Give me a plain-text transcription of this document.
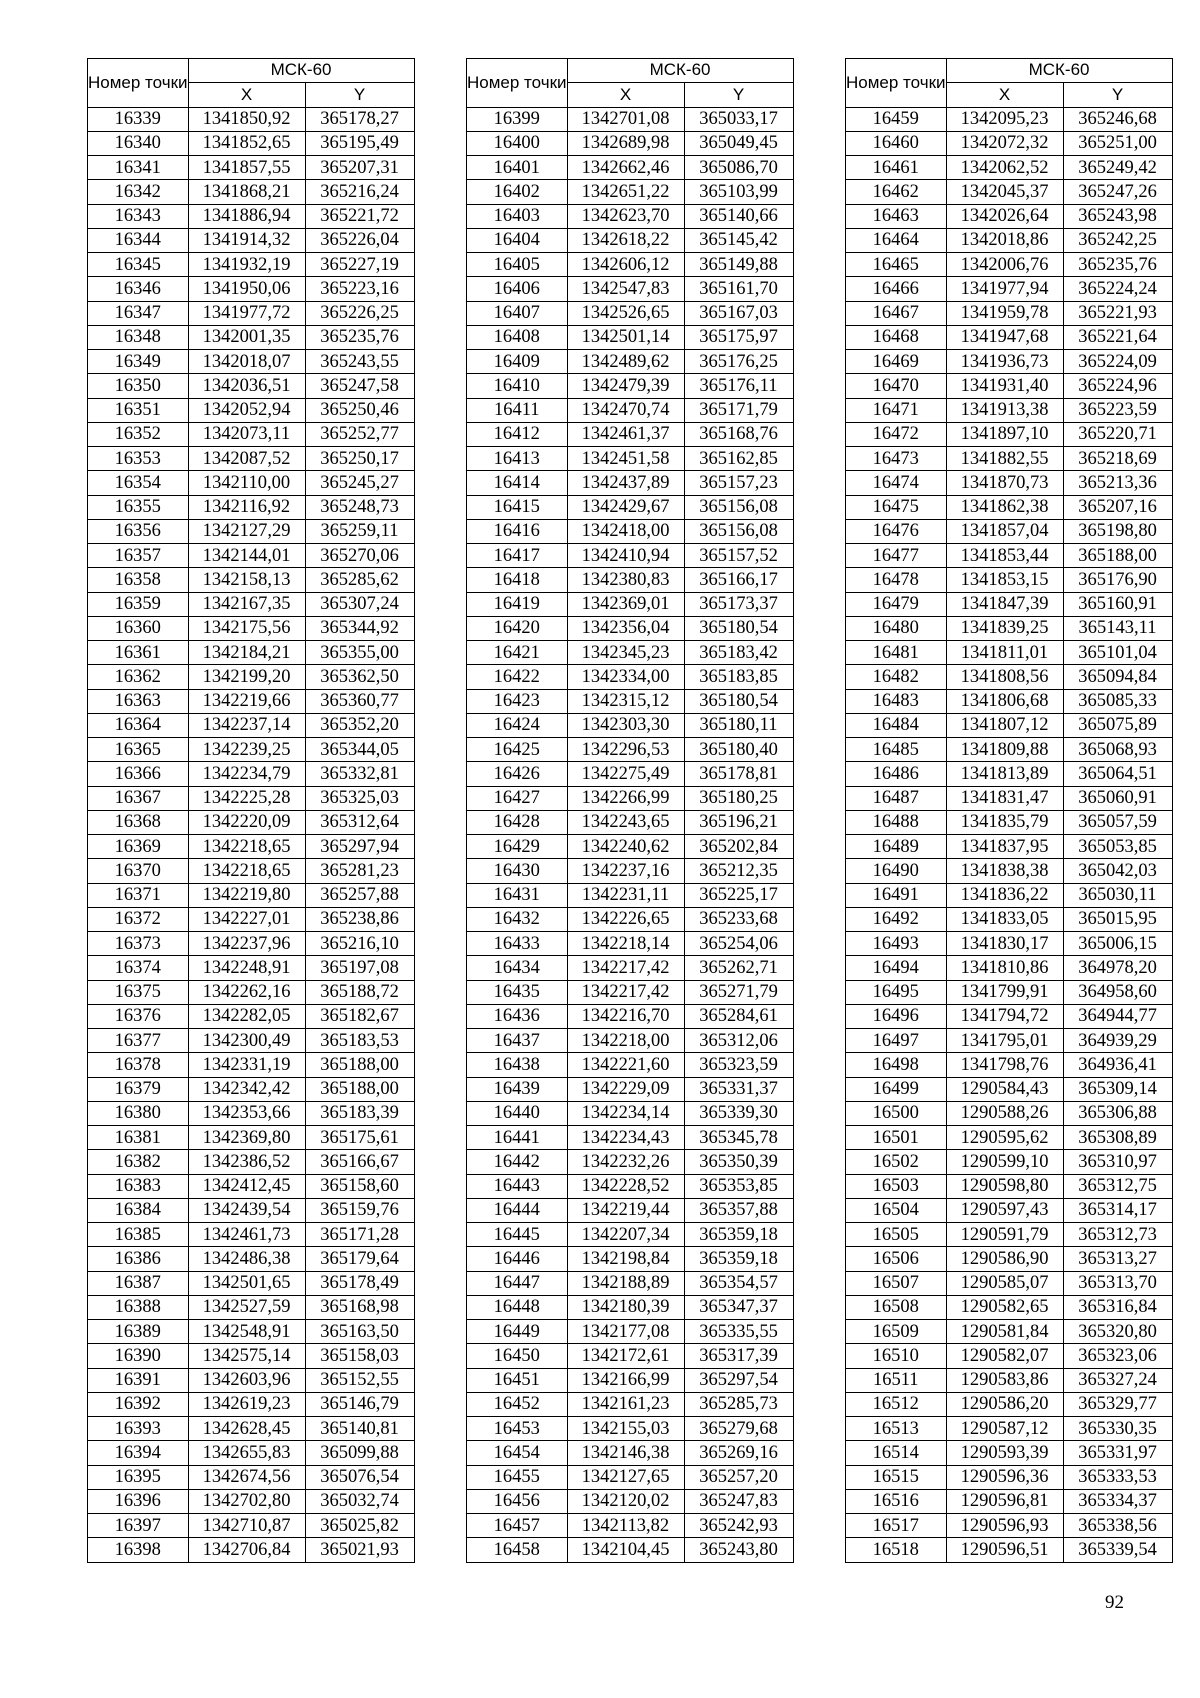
Номер точки	МСК-60	
	X	Y
16339	1341850,92	365178,27
16340	1341852,65	365195,49
16341	1341857,55	365207,31
16342	1341868,21	365216,24
16343	1341886,94	365221,72
16344	1341914,32	365226,04
16345	1341932,19	365227,19
16346	1341950,06	365223,16
16347	1341977,72	365226,25
16348	1342001,35	365235,76
16349	1342018,07	365243,55
16350	1342036,51	365247,58
16351	1342052,94	365250,46
16352	1342073,11	365252,77
16353	1342087,52	365250,17
16354	1342110,00	365245,27
16355	1342116,92	365248,73
16356	1342127,29	365259,11
16357	1342144,01	365270,06
16358	1342158,13	365285,62
16359	1342167,35	365307,24
16360	1342175,56	365344,92
16361	1342184,21	365355,00
16362	1342199,20	365362,50
16363	1342219,66	365360,77
16364	1342237,14	365352,20
16365	1342239,25	365344,05
16366	1342234,79	365332,81
16367	1342225,28	365325,03
16368	1342220,09	365312,64
16369	1342218,65	365297,94
16370	1342218,65	365281,23
16371	1342219,80	365257,88
16372	1342227,01	365238,86
16373	1342237,96	365216,10
16374	1342248,91	365197,08
16375	1342262,16	365188,72
16376	1342282,05	365182,67
16377	1342300,49	365183,53
16378	1342331,19	365188,00
16379	1342342,42	365188,00
16380	1342353,66	365183,39
16381	1342369,80	365175,61
16382	1342386,52	365166,67
16383	1342412,45	365158,60
16384	1342439,54	365159,76
16385	1342461,73	365171,28
16386	1342486,38	365179,64
16387	1342501,65	365178,49
16388	1342527,59	365168,98
16389	1342548,91	365163,50
16390	1342575,14	365158,03
16391	1342603,96	365152,55
16392	1342619,23	365146,79
16393	1342628,45	365140,81
16394	1342655,83	365099,88
16395	1342674,56	365076,54
16396	1342702,80	365032,74
16397	1342710,87	365025,82
16398	1342706,84	365021,93
Номер точки	МСК-60	
	X	Y
16399	1342701,08	365033,17
16400	1342689,98	365049,45
16401	1342662,46	365086,70
16402	1342651,22	365103,99
16403	1342623,70	365140,66
16404	1342618,22	365145,42
16405	1342606,12	365149,88
16406	1342547,83	365161,70
16407	1342526,65	365167,03
16408	1342501,14	365175,97
16409	1342489,62	365176,25
16410	1342479,39	365176,11
16411	1342470,74	365171,79
16412	1342461,37	365168,76
16413	1342451,58	365162,85
16414	1342437,89	365157,23
16415	1342429,67	365156,08
16416	1342418,00	365156,08
16417	1342410,94	365157,52
16418	1342380,83	365166,17
16419	1342369,01	365173,37
16420	1342356,04	365180,54
16421	1342345,23	365183,42
16422	1342334,00	365183,85
16423	1342315,12	365180,54
16424	1342303,30	365180,11
16425	1342296,53	365180,40
16426	1342275,49	365178,81
16427	1342266,99	365180,25
16428	1342243,65	365196,21
16429	1342240,62	365202,84
16430	1342237,16	365212,35
16431	1342231,11	365225,17
16432	1342226,65	365233,68
16433	1342218,14	365254,06
16434	1342217,42	365262,71
16435	1342217,42	365271,79
16436	1342216,70	365284,61
16437	1342218,00	365312,06
16438	1342221,60	365323,59
16439	1342229,09	365331,37
16440	1342234,14	365339,30
16441	1342234,43	365345,78
16442	1342232,26	365350,39
16443	1342228,52	365353,85
16444	1342219,44	365357,88
16445	1342207,34	365359,18
16446	1342198,84	365359,18
16447	1342188,89	365354,57
16448	1342180,39	365347,37
16449	1342177,08	365335,55
16450	1342172,61	365317,39
16451	1342166,99	365297,54
16452	1342161,23	365285,73
16453	1342155,03	365279,68
16454	1342146,38	365269,16
16455	1342127,65	365257,20
16456	1342120,02	365247,83
16457	1342113,82	365242,93
16458	1342104,45	365243,80
Номер точки	МСК-60	
	X	Y
16459	1342095,23	365246,68
16460	1342072,32	365251,00
16461	1342062,52	365249,42
16462	1342045,37	365247,26
16463	1342026,64	365243,98
16464	1342018,86	365242,25
16465	1342006,76	365235,76
16466	1341977,94	365224,24
16467	1341959,78	365221,93
16468	1341947,68	365221,64
16469	1341936,73	365224,09
16470	1341931,40	365224,96
16471	1341913,38	365223,59
16472	1341897,10	365220,71
16473	1341882,55	365218,69
16474	1341870,73	365213,36
16475	1341862,38	365207,16
16476	1341857,04	365198,80
16477	1341853,44	365188,00
16478	1341853,15	365176,90
16479	1341847,39	365160,91
16480	1341839,25	365143,11
16481	1341811,01	365101,04
16482	1341808,56	365094,84
16483	1341806,68	365085,33
16484	1341807,12	365075,89
16485	1341809,88	365068,93
16486	1341813,89	365064,51
16487	1341831,47	365060,91
16488	1341835,79	365057,59
16489	1341837,95	365053,85
16490	1341838,38	365042,03
16491	1341836,22	365030,11
16492	1341833,05	365015,95
16493	1341830,17	365006,15
16494	1341810,86	364978,20
16495	1341799,91	364958,60
16496	1341794,72	364944,77
16497	1341795,01	364939,29
16498	1341798,76	364936,41
16499	1290584,43	365309,14
16500	1290588,26	365306,88
16501	1290595,62	365308,89
16502	1290599,10	365310,97
16503	1290598,80	365312,75
16504	1290597,43	365314,17
16505	1290591,79	365312,73
16506	1290586,90	365313,27
16507	1290585,07	365313,70
16508	1290582,65	365316,84
16509	1290581,84	365320,80
16510	1290582,07	365323,06
16511	1290583,86	365327,24
16512	1290586,20	365329,77
16513	1290587,12	365330,35
16514	1290593,39	365331,97
16515	1290596,36	365333,53
16516	1290596,81	365334,37
16517	1290596,93	365338,56
16518	1290596,51	365339,54
92
